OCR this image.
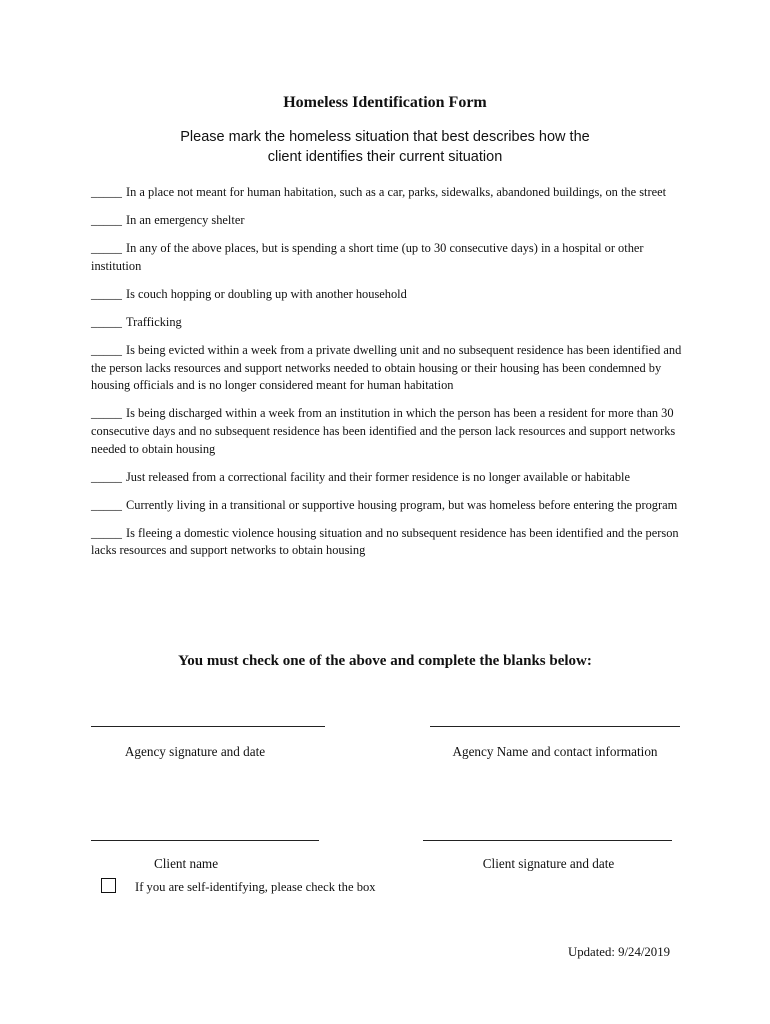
Homeless Identification Form
Please mark the homeless situation that best describes how the
client identifies their current situation

_____ In a place not meant for human habitation, such as a car, parks, sidewalks, abandoned buildings, on the street

_____ In an emergency shelter

_____ In any of the above places, but is spending a short time (up to 30 consecutive days) in a hospital or other institution

_____ Is couch hopping or doubling up with another household

_____ Trafficking

_____ Is being evicted within a week from a private dwelling unit and no subsequent residence has been identified and the person lacks resources and support networks needed to obtain housing or their housing has been condemned by housing officials and is no longer considered meant for human habitation

_____ Is being discharged within a week from an institution in which the person has been a resident for more than 30 consecutive days and no subsequent residence has been identified and the person lack resources and support networks needed to obtain housing

_____ Just released from a correctional facility and their former residence is no longer available or habitable

_____ Currently living in a transitional or supportive housing program, but was homeless before entering the program

_____ Is fleeing a domestic violence housing situation and no subsequent residence has been identified and the person lacks resources and support networks to obtain housing

You must check one of the above and complete the blanks below:
Agency signature and date	Agency Name and contact information
Client name	Client signature and date
If you are self-identifying, please check the box
Updated: 9/24/2019
